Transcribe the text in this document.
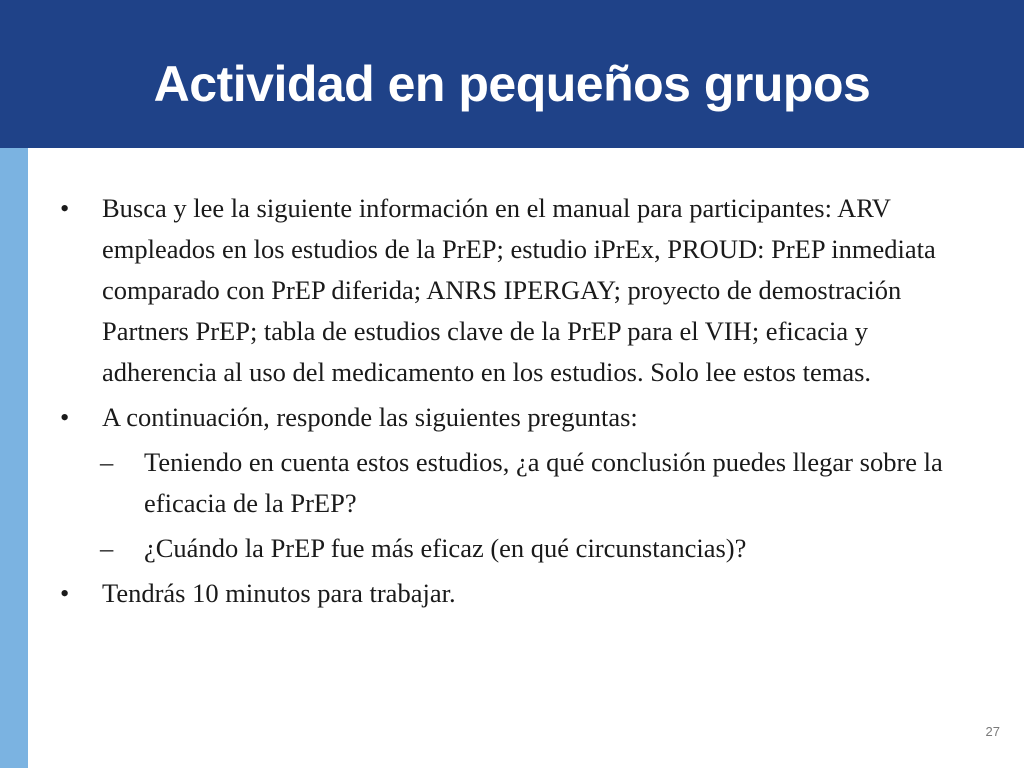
Actividad en pequeños grupos
•	Busca y lee la siguiente información en el manual para participantes: ARV empleados en los estudios de la PrEP; estudio iPrEx, PROUD: PrEP inmediata comparado con PrEP diferida; ANRS IPERGAY; proyecto de demostración Partners PrEP; tabla de estudios clave de la PrEP para el VIH; eficacia y adherencia al uso del medicamento en los estudios. Solo lee estos temas.
•	A continuación, responde las siguientes preguntas:
–	Teniendo en cuenta estos estudios, ¿a qué conclusión puedes llegar sobre la eficacia de la PrEP?
–	¿Cuándo la PrEP fue más eficaz (en qué circunstancias)?
•	Tendrás 10 minutos para trabajar.
27
